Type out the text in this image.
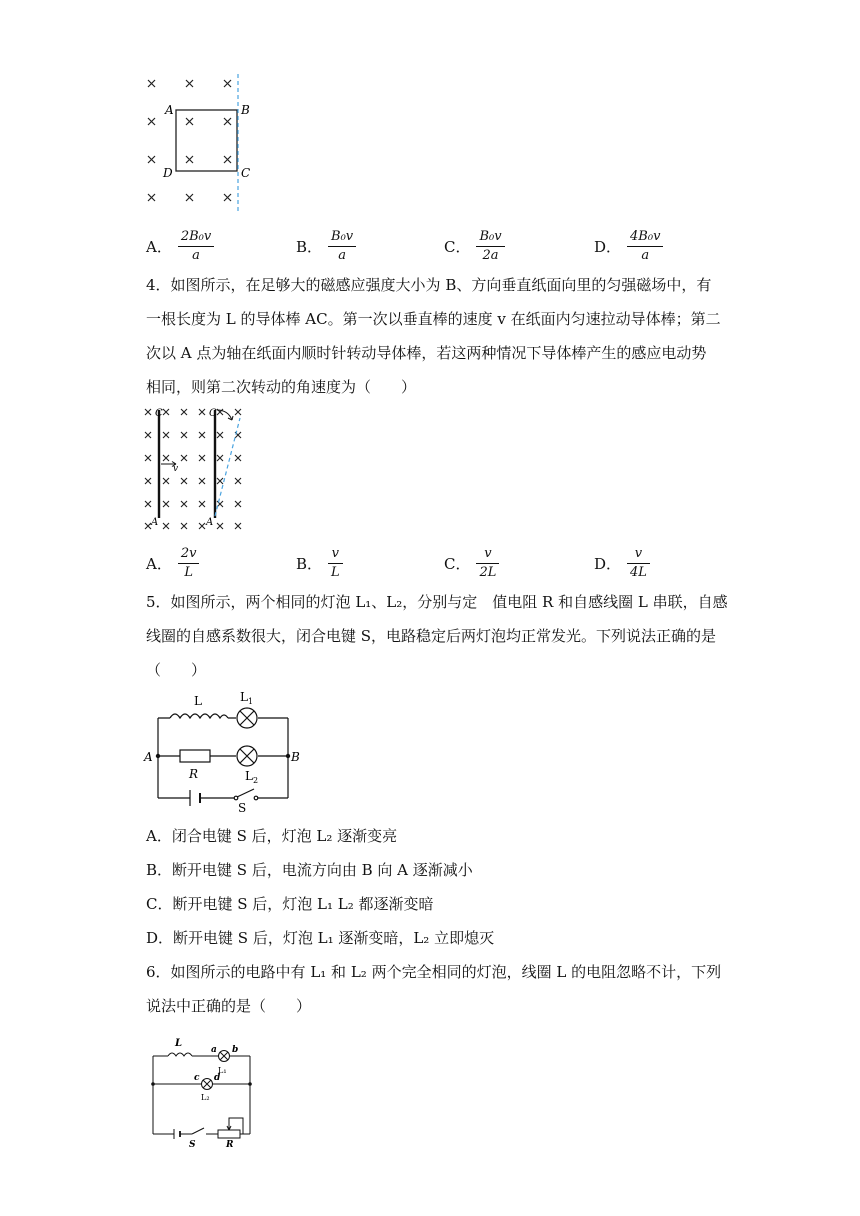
A	B
C
D
A． $\frac{\text{2B₀v}}{a}$	B． $\frac{\text{B₀v}}{a}$	C． $\frac{\text{B₀v}}{2a}$	D． $\frac{\text{4B₀v}}{a}$
4．如图所示，在足够大的磁感应强度大小为 B、方向垂直纸面向里的匀强磁场中，有
一根长度为 L 的导体棒 AC。第一次以垂直棒的速度 v 在纸面内匀速拉动导体棒；第二
次以 A 点为轴在纸面内顺时针转动导体棒，若这两种情况下导体棒产生的感应电动势
相同，则第二次转动的角速度为（　　）
v
C	C
A	A
A． $\frac{2v}{L}$	B． $\frac{v}{L}$	C． $\frac{v}{2L}$	D． $\frac{v}{4L}$
5．如图所示，两个相同的灯泡 L₁、L₂，分别与定　值电阻 R 和自感线圈 L 串联，自感
线圈的自感系数很大，闭合电键 S，电路稳定后两灯泡均正常发光。下列说法正确的是
（　　）
L	$L_1$
R	$L_2$
S
A	B
A．闭合电键 S 后，灯泡 L₂ 逐渐变亮
B．断开电键 S 后，电流方向由 B 向 A 逐渐减小
C．断开电键 S 后，灯泡 L₁ L₂ 都逐渐变暗
D．断开电键 S 后，灯泡 L₁ 逐渐变暗，L₂ 立即熄灭
6．如图所示的电路中有 L₁ 和 L₂ 两个完全相同的灯泡，线圈 L 的电阻忽略不计，下列
说法中正确的是（　　）
L
a b
L₁
c d
L₂
S	R
